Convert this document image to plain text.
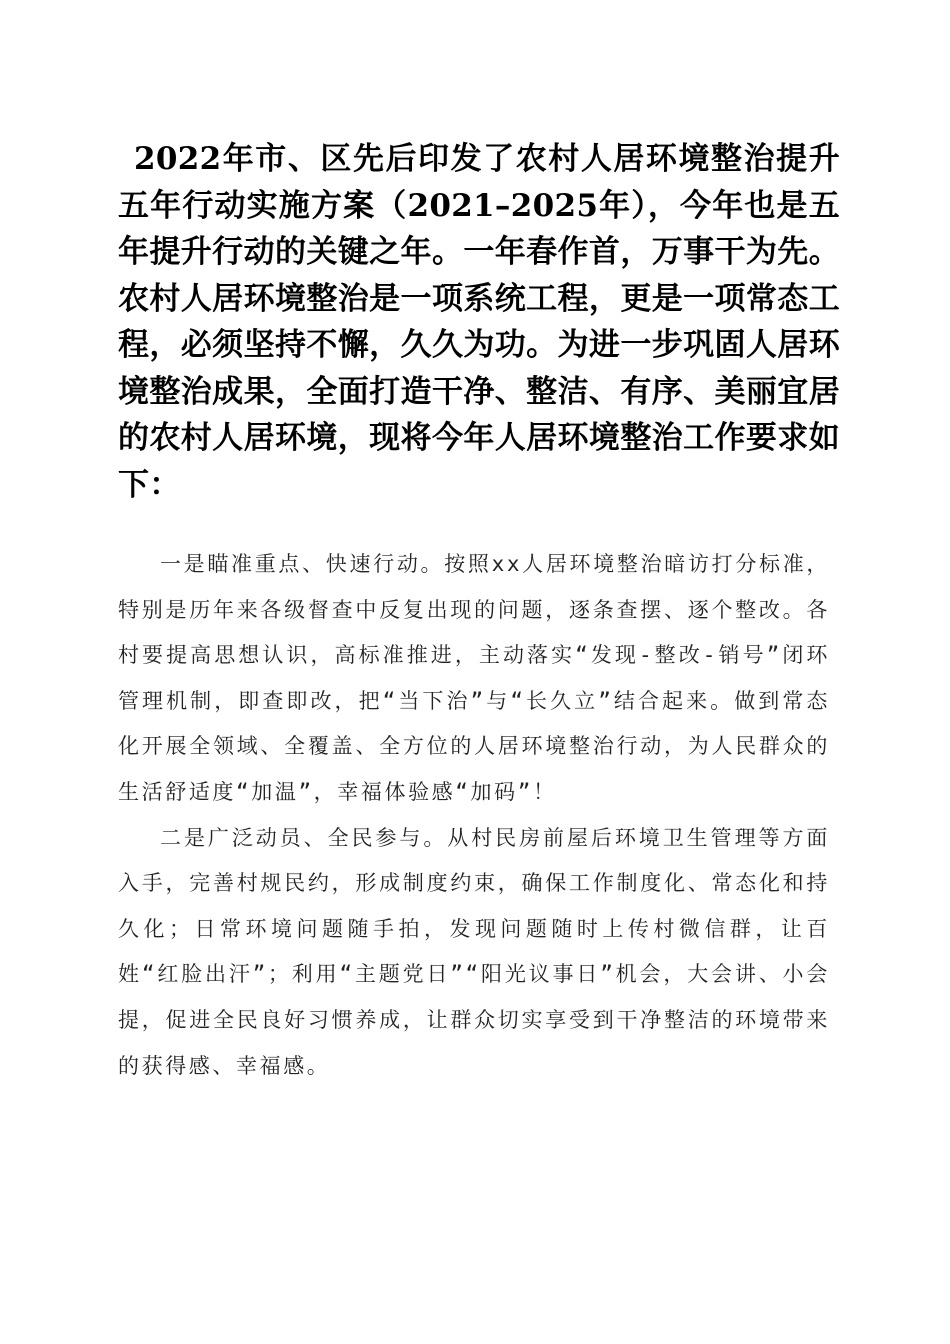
2022年市、区先后印发了农村人居环境整治提升五年行动实施方案（2021–2025年），今年也是五年提升行动的关键之年。一年春作首，万事干为先。农村人居环境整治是一项系统工程，更是一项常态工程，必须坚持不懈，久久为功。为进一步巩固人居环境整治成果，全面打造干净、整洁、有序、美丽宜居的农村人居环境，现将今年人居环境整治工作要求如下：

一是瞄准重点、快速行动。按照xx人居环境整治暗访打分标准，特别是历年来各级督查中反复出现的问题，逐条查摆、逐个整改。各村要提高思想认识，高标准推进，主动落实“发现-整改-销号”闭环管理机制，即查即改，把“当下治”与“长久立”结合起来。做到常态化开展全领域、全覆盖、全方位的人居环境整治行动，为人民群众的生活舒适度“加温”，幸福体验感“加码”！

二是广泛动员、全民参与。从村民房前屋后环境卫生管理等方面入手，完善村规民约，形成制度约束，确保工作制度化、常态化和持久化；日常环境问题随手拍，发现问题随时上传村微信群，让百姓“红脸出汗”；利用“主题党日”“阳光议事日”机会，大会讲、小会提，促进全民良好习惯养成，让群众切实享受到干净整洁的环境带来的获得感、幸福感。
